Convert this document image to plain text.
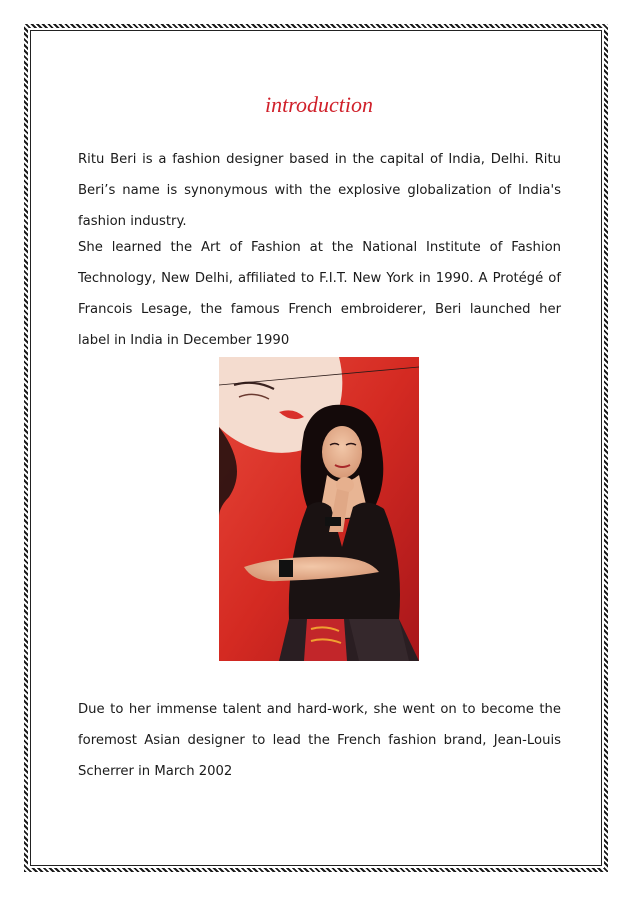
introduction

Ritu Beri is a fashion designer based in the capital of India, Delhi. Ritu Beri’s name is synonymous with the explosive globalization of India's fashion industry.

She learned the Art of Fashion at the National Institute of Fashion Technology, New Delhi, affiliated to F.I.T. New York in 1990. A Protégé of Francois Lesage, the famous French embroiderer, Beri launched her label in India in December 1990

Due to her immense talent and hard-work, she went on to become the foremost Asian designer to lead the French fashion brand, Jean-Louis Scherrer in March 2002
